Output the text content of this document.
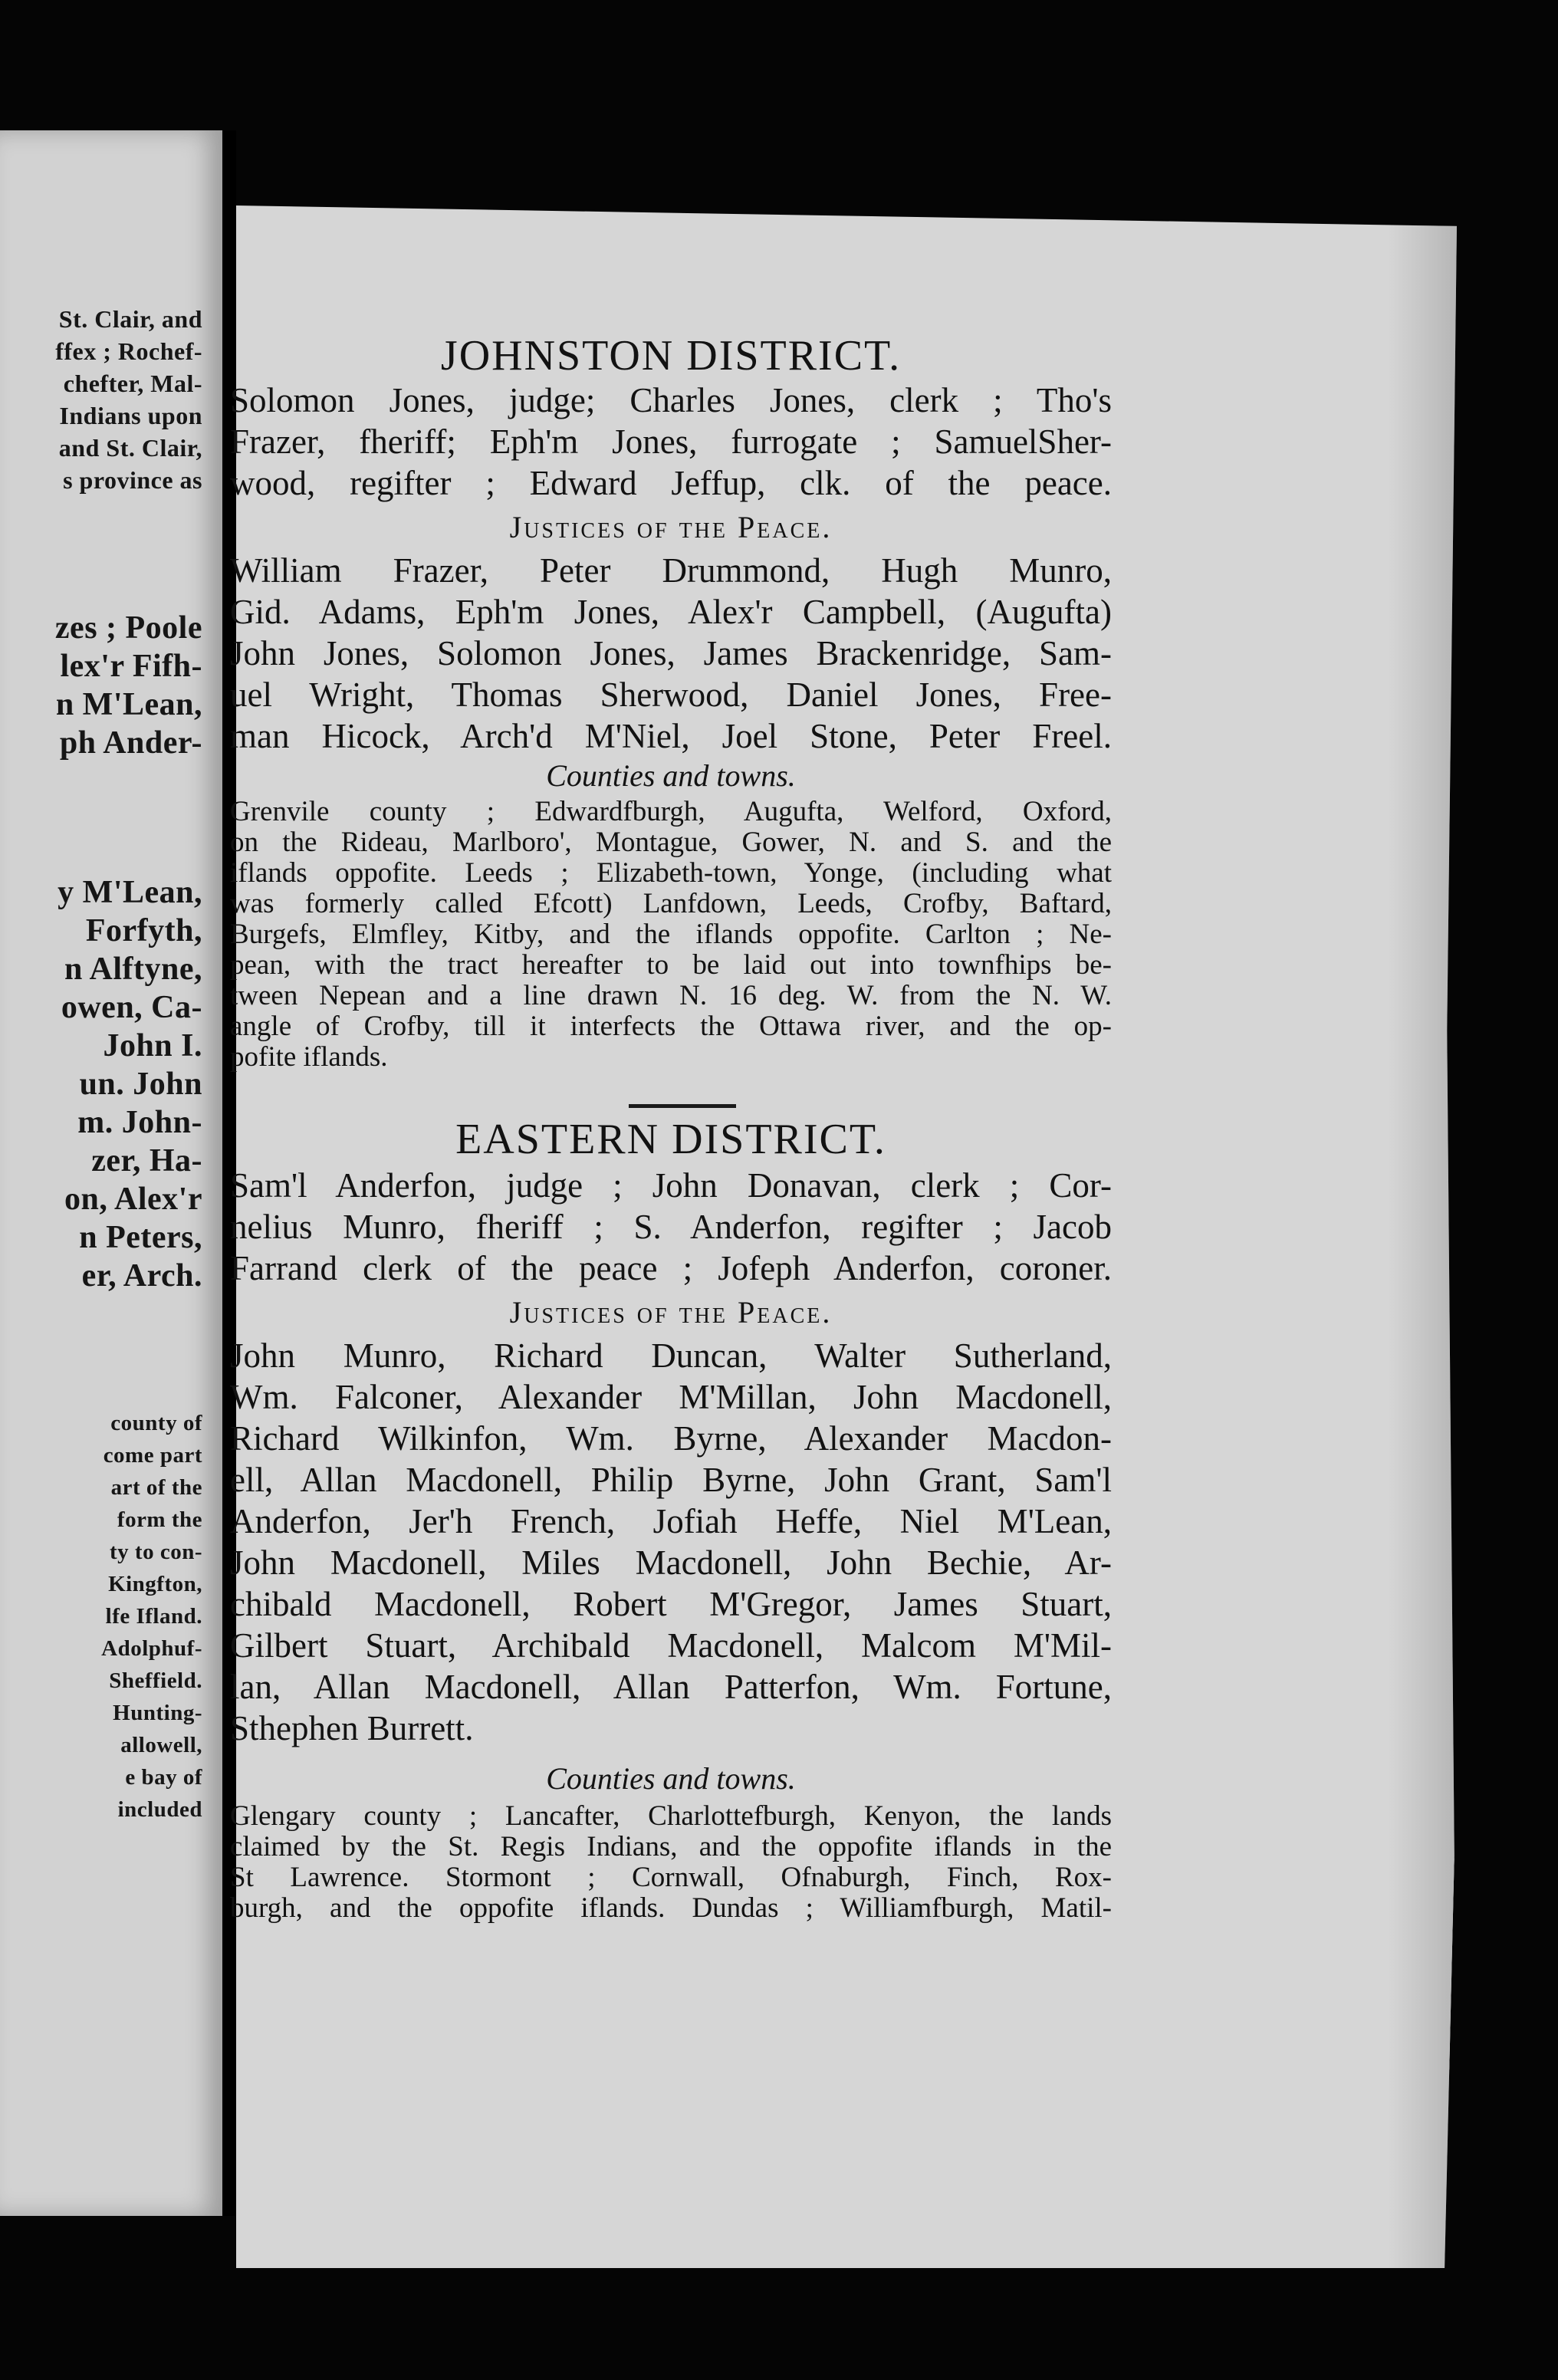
St. Clair, and
ffex ; Rochef-
chefter, Mal-
Indians upon
and St. Clair,
s province as
zes ; Poole
lex'r Fifh-
n M'Lean,
ph Ander-
y M'Lean,
Forfyth,
n Alftyne,
owen, Ca-
John I.
un. John
m. John-
zer, Ha-
on, Alex'r
n Peters,
er, Arch.
county of
come part
art of the
form the
ty to con-
Kingfton,
lfe Ifland.
Adolphuf-
Sheffield.
Hunting-
allowell,
e bay of
included
JOHNSTON DISTRICT.
Solomon Jones, judge; Charles Jones, clerk ; Tho's
Frazer, fheriff; Eph'm Jones, furrogate ; SamuelSher-
wood, regifter ; Edward Jeffup, clk. of the peace.
Justices of the Peace.
William Frazer, Peter Drummond, Hugh Munro,
Gid. Adams, Eph'm Jones, Alex'r Campbell, (Augufta)
John Jones, Solomon Jones, James Brackenridge, Sam-
uel Wright, Thomas Sherwood, Daniel Jones, Free-
man Hicock, Arch'd M'Niel, Joel Stone, Peter Freel.
Counties and towns.
Grenvile county ; Edwardfburgh, Augufta, Welford, Oxford,
on the Rideau, Marlboro', Montague, Gower, N. and S. and the
iflands oppofite. Leeds ; Elizabeth-town, Yonge, (including what
was formerly called Efcott) Lanfdown, Leeds, Crofby, Baftard,
Burgefs, Elmfley, Kitby, and the iflands oppofite. Carlton ; Ne-
pean, with the tract hereafter to be laid out into townfhips be-
tween Nepean and a line drawn N. 16 deg. W. from the N. W.
angle of Crofby, till it interfects the Ottawa river, and the op-
pofite iflands.
EASTERN DISTRICT.
Sam'l Anderfon, judge ; John Donavan, clerk ; Cor-
nelius Munro, fheriff ; S. Anderfon, regifter ; Jacob
Farrand clerk of the peace ; Jofeph Anderfon, coroner.
Justices of the Peace.
John Munro, Richard Duncan, Walter Sutherland,
Wm. Falconer, Alexander M'Millan, John Macdonell,
Richard Wilkinfon, Wm. Byrne, Alexander Macdon-
ell, Allan Macdonell, Philip Byrne, John Grant, Sam'l
Anderfon, Jer'h French, Jofiah Heffe, Niel M'Lean,
John Macdonell, Miles Macdonell, John Bechie, Ar-
chibald Macdonell, Robert M'Gregor, James Stuart,
Gilbert Stuart, Archibald Macdonell, Malcom M'Mil-
lan, Allan Macdonell, Allan Patterfon, Wm. Fortune,
Sthephen Burrett.
Counties and towns.
Glengary county ; Lancafter, Charlottefburgh, Kenyon, the lands
claimed by the St. Regis Indians, and the oppofite iflands in the
St Lawrence. Stormont ; Cornwall, Ofnaburgh, Finch, Rox-
burgh, and the oppofite iflands. Dundas ; Williamfburgh, Matil-
